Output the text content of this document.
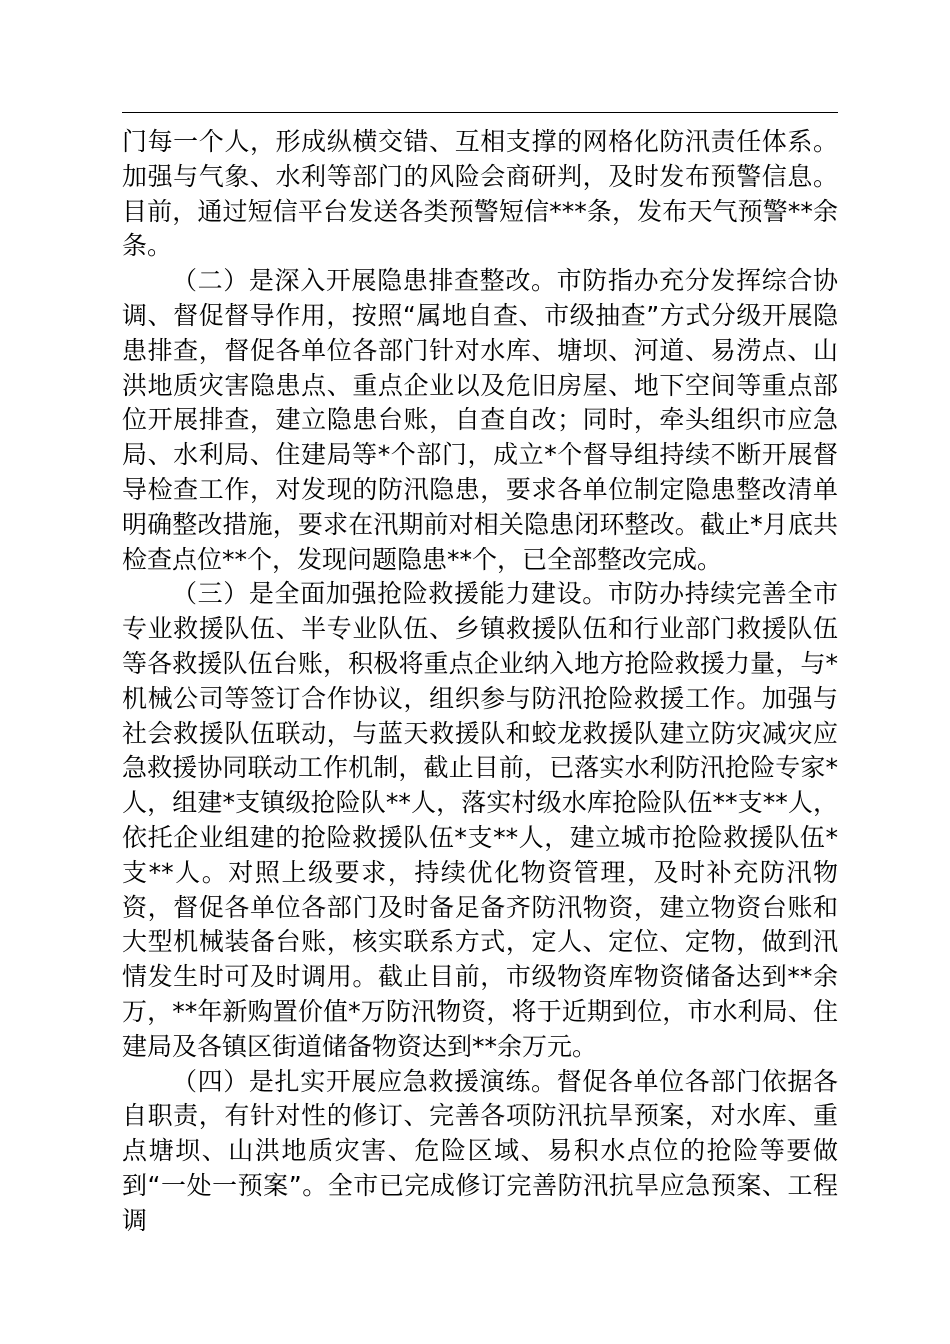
门每一个人，形成纵横交错、互相支撑的网格化防汛责任体系。加强与气象、水利等部门的风险会商研判，及时发布预警信息。目前，通过短信平台发送各类预警短信***条，发布天气预警**余条。

（二）是深入开展隐患排查整改。市防指办充分发挥综合协调、督促督导作用，按照“属地自查、市级抽查”方式分级开展隐患排查，督促各单位各部门针对水库、塘坝、河道、易涝点、山洪地质灾害隐患点、重点企业以及危旧房屋、地下空间等重点部位开展排查，建立隐患台账，自查自改；同时，牵头组织市应急局、水利局、住建局等*个部门，成立*个督导组持续不断开展督导检查工作，对发现的防汛隐患，要求各单位制定隐患整改清单明确整改措施，要求在汛期前对相关隐患闭环整改。截止*月底共检查点位**个，发现问题隐患**个，已全部整改完成。

（三）是全面加强抢险救援能力建设。市防办持续完善全市专业救援队伍、半专业队伍、乡镇救援队伍和行业部门救援队伍等各救援队伍台账，积极将重点企业纳入地方抢险救援力量，与*机械公司等签订合作协议，组织参与防汛抢险救援工作。加强与社会救援队伍联动，与蓝天救援队和蛟龙救援队建立防灾减灾应急救援协同联动工作机制，截止目前，已落实水利防汛抢险专家*人，组建*支镇级抢险队**人，落实村级水库抢险队伍**支**人，依托企业组建的抢险救援队伍*支**人，建立城市抢险救援队伍*支**人。对照上级要求，持续优化物资管理，及时补充防汛物资，督促各单位各部门及时备足备齐防汛物资，建立物资台账和大型机械装备台账，核实联系方式，定人、定位、定物，做到汛情发生时可及时调用。截止目前，市级物资库物资储备达到**余万，**年新购置价值*万防汛物资，将于近期到位，市水利局、住建局及各镇区街道储备物资达到**余万元。

（四）是扎实开展应急救援演练。督促各单位各部门依据各自职责，有针对性的修订、完善各项防汛抗旱预案，对水库、重点塘坝、山洪地质灾害、危险区域、易积水点位的抢险等要做到“一处一预案”。全市已完成修订完善防汛抗旱应急预案、工程调
